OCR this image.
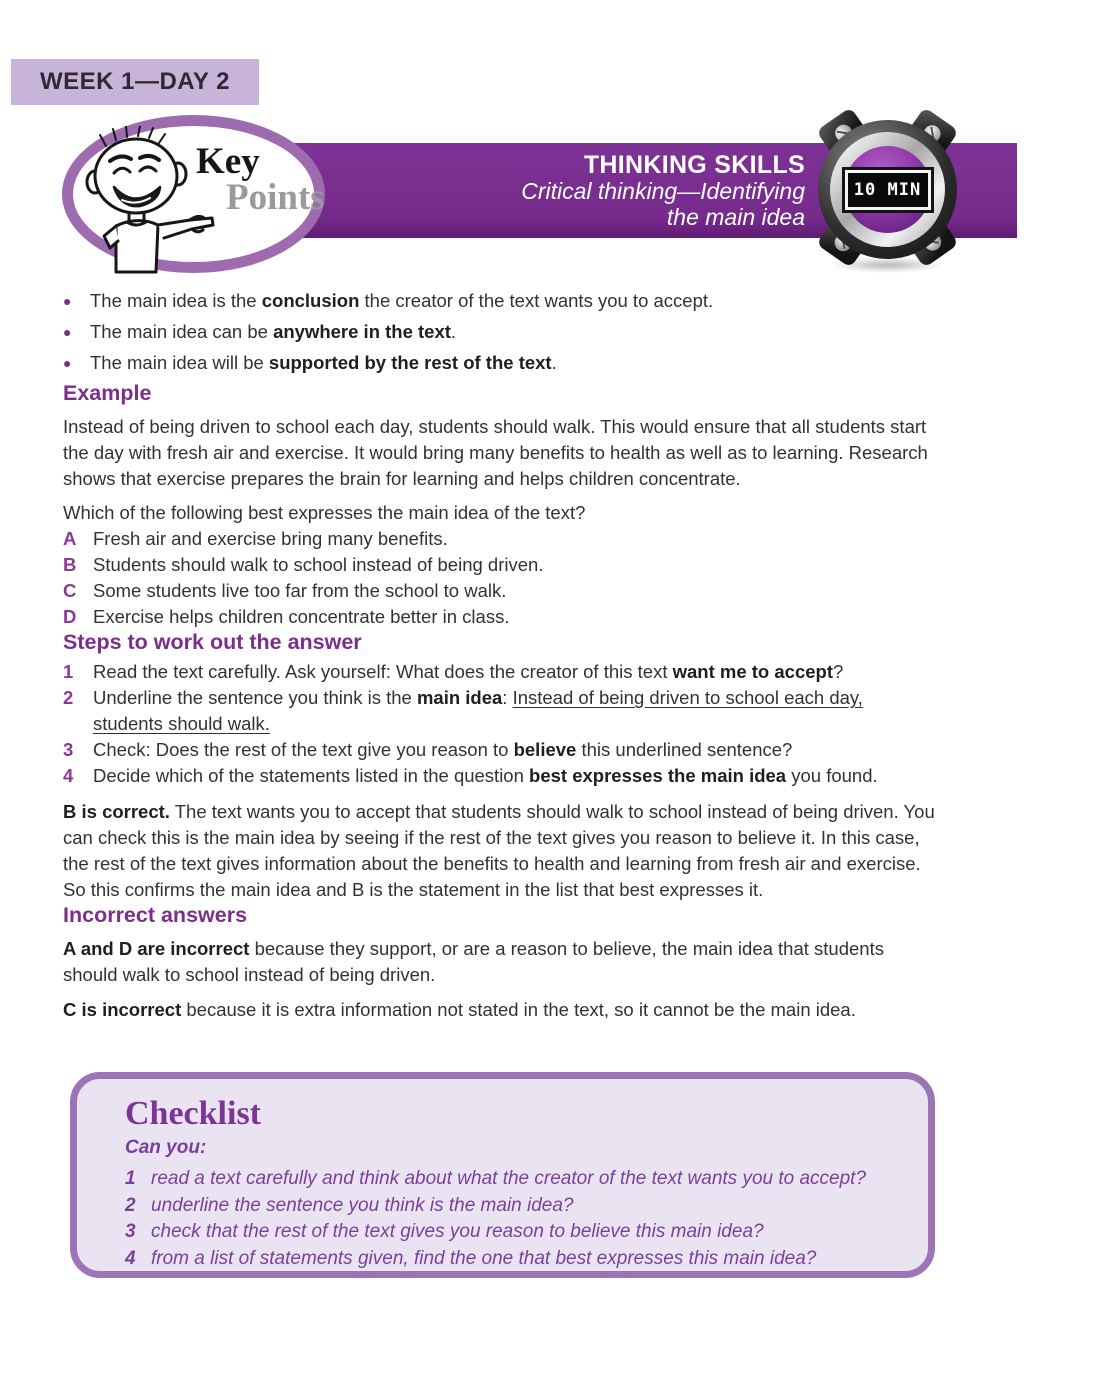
WEEK 1—DAY 2
THINKING SKILLS
Critical thinking—Identifying
the main idea
Key
Points	10 MIN
●	The main idea is the conclusion the creator of the text wants you to accept.
●	The main idea can be anywhere in the text.
●	The main idea will be supported by the rest of the text.
Example

Instead of being driven to school each day, students should walk. This would ensure that all students start the day with fresh air and exercise. It would bring many benefits to health as well as to learning. Research shows that exercise prepares the brain for learning and helps children concentrate.

Which of the following best expresses the main idea of the text?

A Fresh air and exercise bring many benefits.
B Students should walk to school instead of being driven.
C Some students live too far from the school to walk.
D Exercise helps children concentrate better in class.
Steps to work out the answer
1	Read the text carefully. Ask yourself: What does the creator of this text want me to accept?
2	Underline the sentence you think is the main idea: Instead of being driven to school each day, students should walk.
3	Check: Does the rest of the text give you reason to believe this underlined sentence?
4	Decide which of the statements listed in the question best expresses the main idea you found.

B is correct. The text wants you to accept that students should walk to school instead of being driven. You can check this is the main idea by seeing if the rest of the text gives you reason to believe it. In this case, the rest of the text gives information about the benefits to health and learning from fresh air and exercise. So this confirms the main idea and B is the statement in the list that best expresses it.

Incorrect answers

A and D are incorrect because they support, or are a reason to believe, the main idea that students should walk to school instead of being driven.

C is incorrect because it is extra information not stated in the text, so it cannot be the main idea.

Checklist
Can you:
1 read a text carefully and think about what the creator of the text wants you to accept?
2 underline the sentence you think is the main idea?
3 check that the rest of the text gives you reason to believe this main idea?
4 from a list of statements given, find the one that best expresses this main idea?
